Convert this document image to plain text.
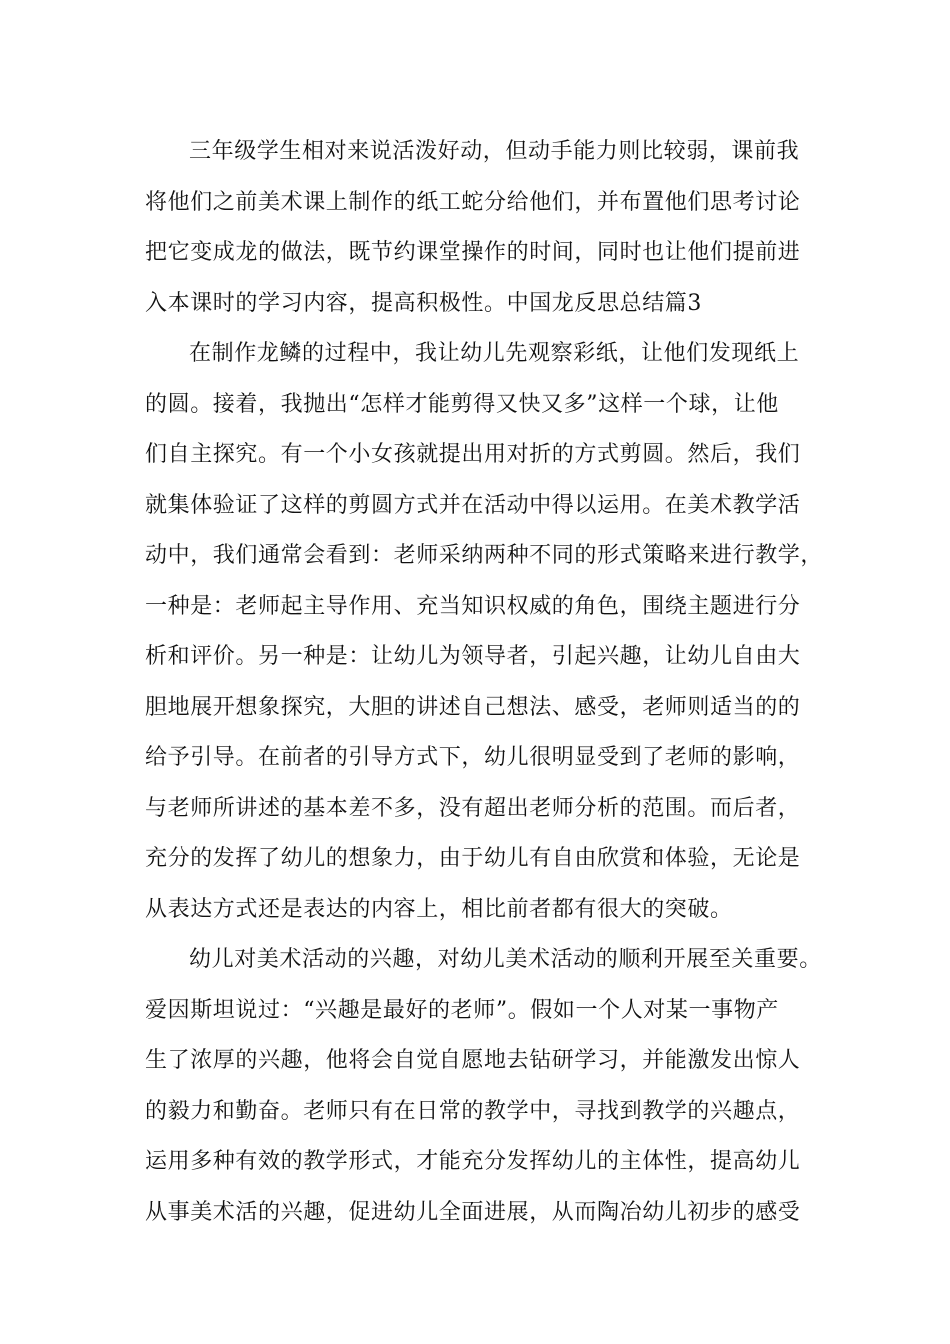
三年级学生相对来说活泼好动，但动手能力则比较弱，课前我
将他们之前美术课上制作的纸工蛇分给他们，并布置他们思考讨论
把它变成龙的做法，既节约课堂操作的时间，同时也让他们提前进
入本课时的学习内容，提高积极性。中国龙反思总结篇3
在制作龙鳞的过程中，我让幼儿先观察彩纸，让他们发现纸上
的圆。接着，我抛出“怎样才能剪得又快又多”这样一个球，让他
们自主探究。有一个小女孩就提出用对折的方式剪圆。然后，我们
就集体验证了这样的剪圆方式并在活动中得以运用。在美术教学活
动中，我们通常会看到：老师采纳两种不同的形式策略来进行教学，
一种是：老师起主导作用、充当知识权威的角色，围绕主题进行分
析和评价。另一种是：让幼儿为领导者，引起兴趣，让幼儿自由大
胆地展开想象探究，大胆的讲述自己想法、感受，老师则适当的的
给予引导。在前者的引导方式下，幼儿很明显受到了老师的影响，
与老师所讲述的基本差不多，没有超出老师分析的范围。而后者，
充分的发挥了幼儿的想象力，由于幼儿有自由欣赏和体验，无论是
从表达方式还是表达的内容上，相比前者都有很大的突破。
幼儿对美术活动的兴趣，对幼儿美术活动的顺利开展至关重要。
爱因斯坦说过：“兴趣是最好的老师”。假如一个人对某一事物产
生了浓厚的兴趣，他将会自觉自愿地去钻研学习，并能激发出惊人
的毅力和勤奋。老师只有在日常的教学中，寻找到教学的兴趣点，
运用多种有效的教学形式，才能充分发挥幼儿的主体性，提高幼儿
从事美术活的兴趣，促进幼儿全面进展，从而陶冶幼儿初步的感受
